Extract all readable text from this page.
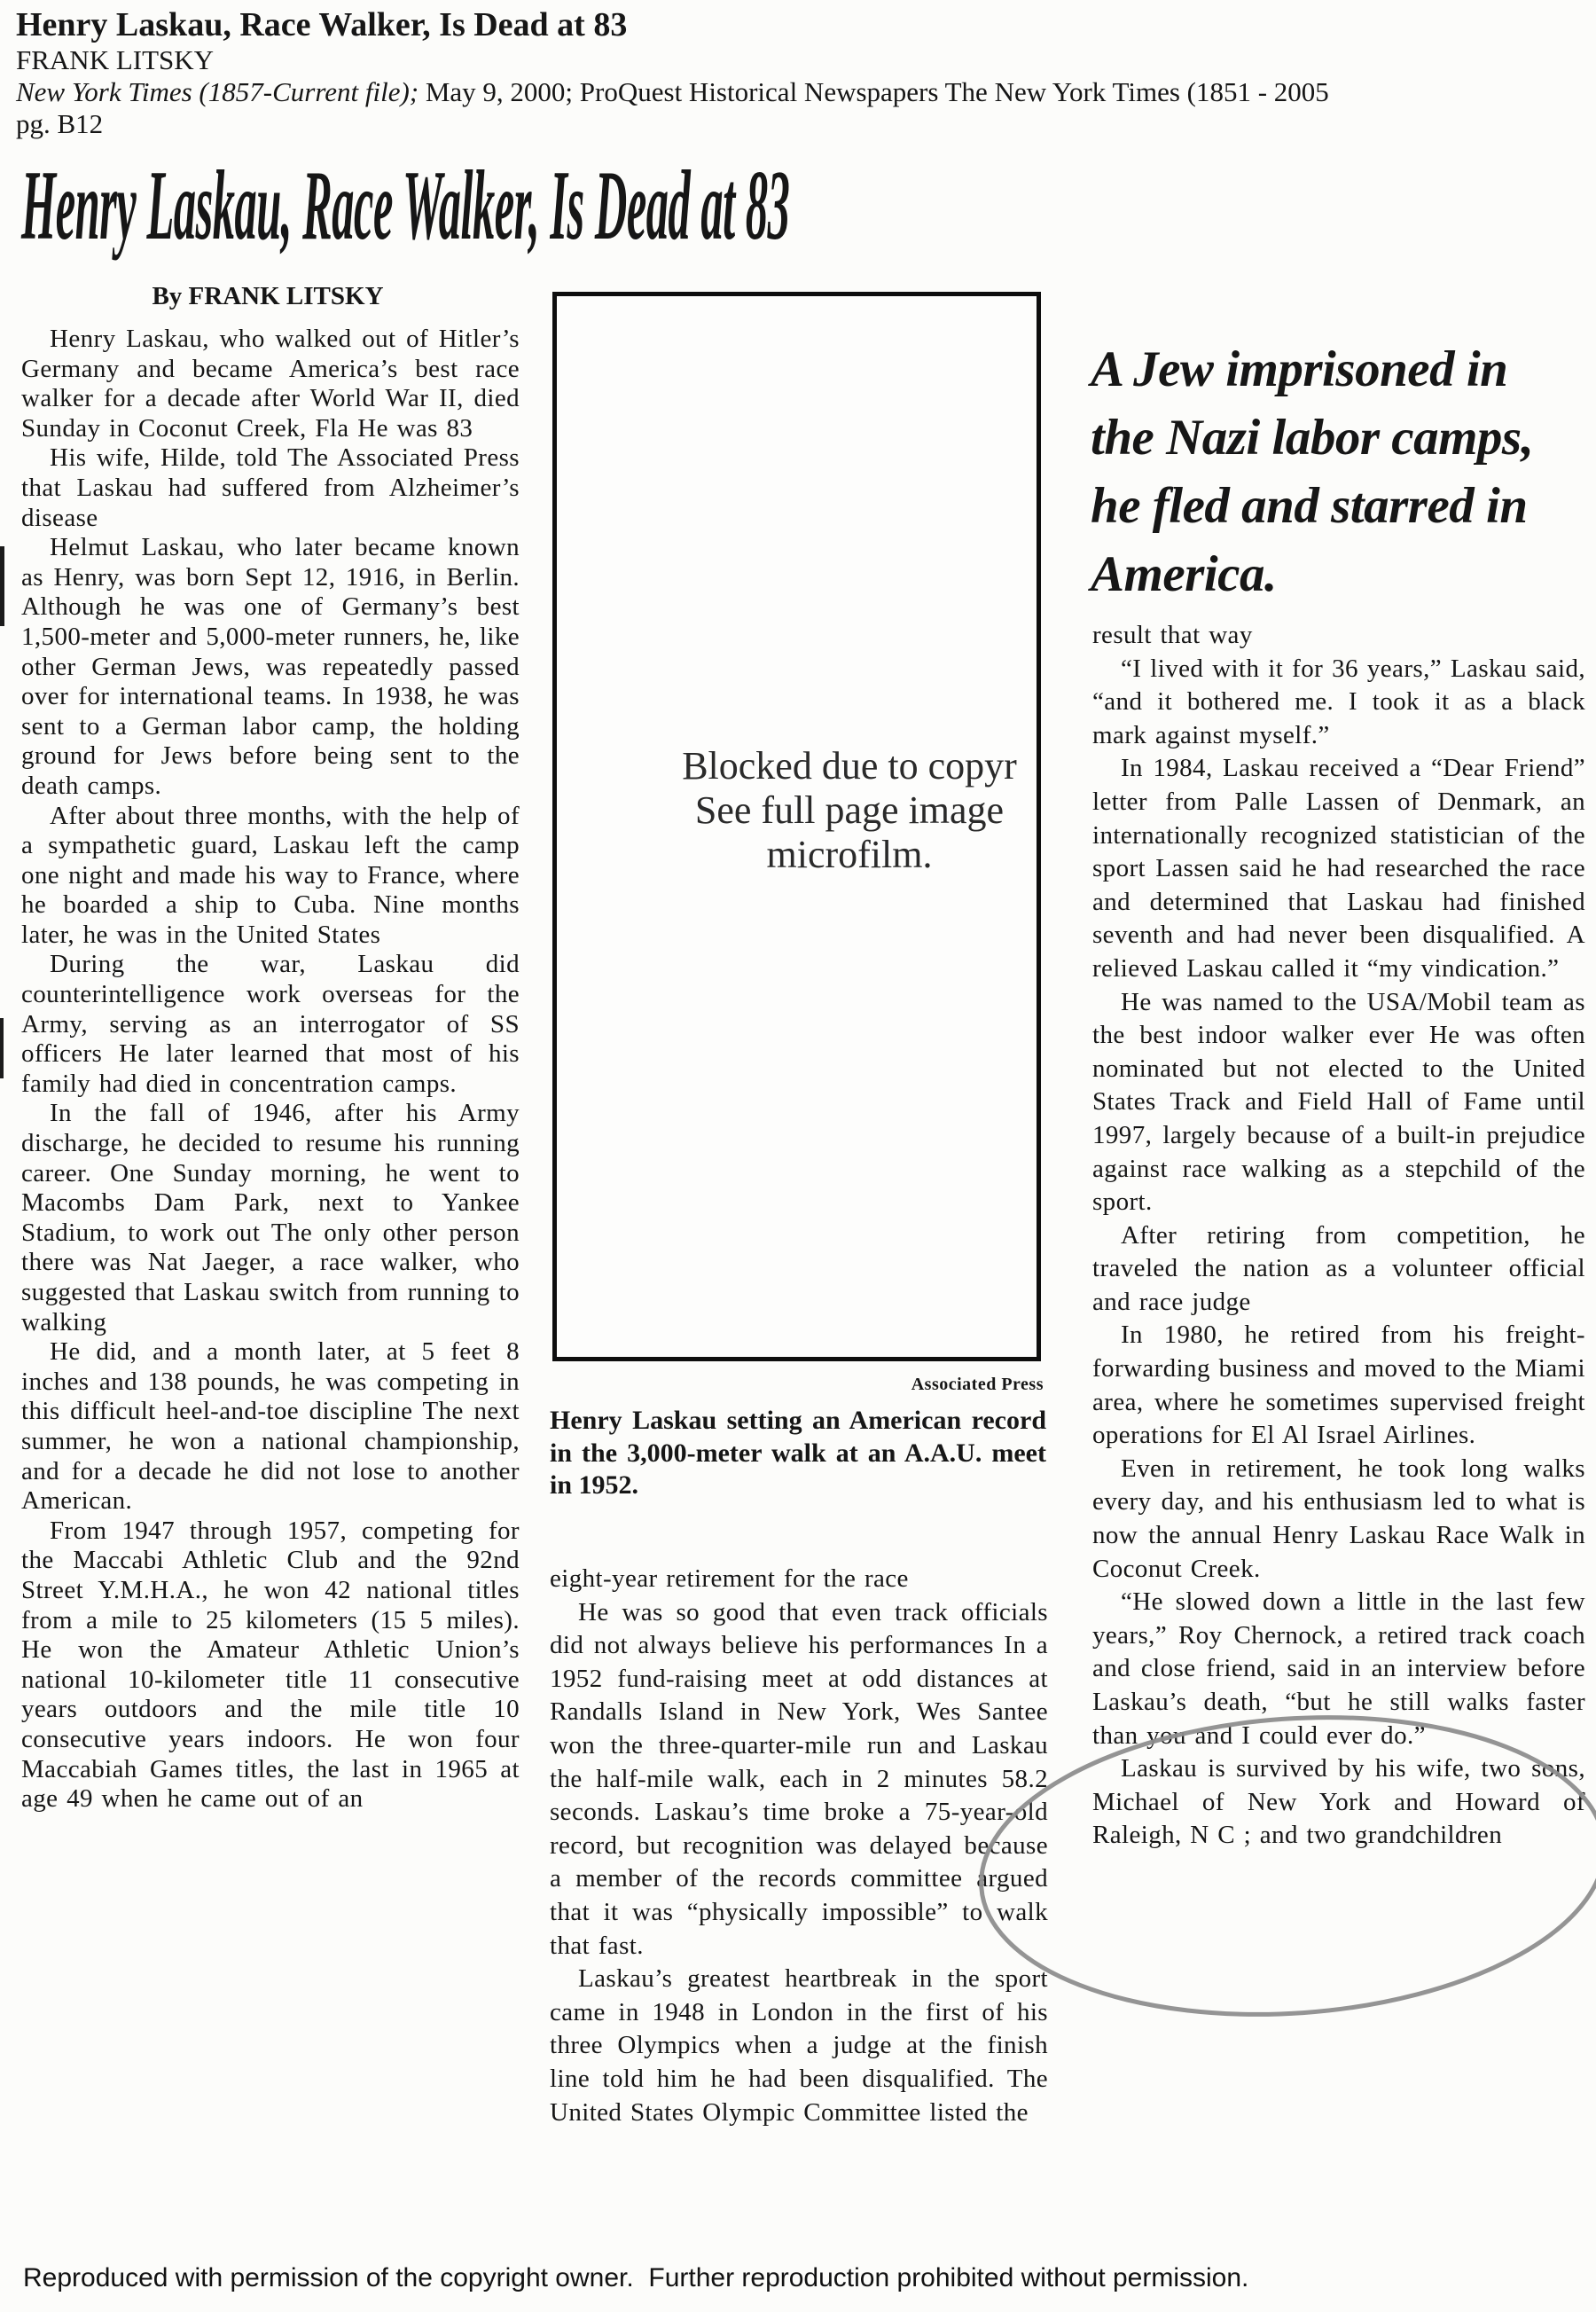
Henry Laskau, Race Walker, Is Dead at 83
FRANK LITSKY
New York Times (1857-Current file); May 9, 2000; ProQuest Historical Newspapers The New York Times (1851 - 2005
pg. B12
Henry Laskau, Race Walker, Is Dead at 83
By FRANK LITSKY

Henry Laskau, who walked out of Hitler’s Germany and became America’s best race walker for a decade after World War II, died Sunday in Coconut Creek, Fla He was 83

His wife, Hilde, told The Associated Press that Laskau had suffered from Alzheimer’s disease

Helmut Laskau, who later became known as Henry, was born Sept 12, 1916, in Berlin. Although he was one of Germany’s best 1,500-meter and 5,000-meter runners, he, like other German Jews, was repeatedly passed over for international teams. In 1938, he was sent to a German labor camp, the holding ground for Jews before being sent to the death camps.

After about three months, with the help of a sympathetic guard, Laskau left the camp one night and made his way to France, where he boarded a ship to Cuba. Nine months later, he was in the United States

During the war, Laskau did counterintelligence work overseas for the Army, serving as an interrogator of SS officers He later learned that most of his family had died in concentration camps.

In the fall of 1946, after his Army discharge, he decided to resume his running career. One Sunday morning, he went to Macombs Dam Park, next to Yankee Stadium, to work out The only other person there was Nat Jaeger, a race walker, who suggested that Laskau switch from running to walking

He did, and a month later, at 5 feet 8 inches and 138 pounds, he was competing in this difficult heel-and-toe discipline The next summer, he won a national championship, and for a decade he did not lose to another American.

From 1947 through 1957, competing for the Maccabi Athletic Club and the 92nd Street Y.M.H.A., he won 42 national titles from a mile to 25 kilometers (15 5 miles). He won the Amateur Athletic Union’s national 10-kilometer title 11 consecutive years outdoors and the mile title 10 consecutive years indoors. He won four Maccabiah Games titles, the last in 1965 at age 49 when he came out of an

Blocked due to copyr
See full page image
microfilm.
Associated Press
Henry Laskau setting an American record in the 3,000-meter walk at an A.A.U. meet in 1952.

eight-year retirement for the race

He was so good that even track officials did not always believe his performances In a 1952 fund-raising meet at odd distances at Randalls Island in New York, Wes Santee won the three-quarter-mile run and Laskau the half-mile walk, each in 2 minutes 58.2 seconds. Laskau’s time broke a 75-year-old record, but recognition was delayed because a member of the records committee argued that it was “physically impossible” to walk that fast.

Laskau’s greatest heartbreak in the sport came in 1948 in London in the first of his three Olympics when a judge at the finish line told him he had been disqualified. The United States Olympic Committee listed the

A Jew imprisoned in the Nazi labor camps, he fled and starred in America.

result that way

“I lived with it for 36 years,” Laskau said, “and it bothered me. I took it as a black mark against myself.”

In 1984, Laskau received a “Dear Friend” letter from Palle Lassen of Denmark, an internationally recognized statistician of the sport Lassen said he had researched the race and determined that Laskau had finished seventh and had never been disqualified. A relieved Laskau called it “my vindication.”

He was named to the USA/Mobil team as the best indoor walker ever He was often nominated but not elected to the United States Track and Field Hall of Fame until 1997, largely because of a built-in prejudice against race walking as a stepchild of the sport.

After retiring from competition, he traveled the nation as a volunteer official and race judge

In 1980, he retired from his freight-forwarding business and moved to the Miami area, where he sometimes supervised freight operations for El Al Israel Airlines.

Even in retirement, he took long walks every day, and his enthusiasm led to what is now the annual Henry Laskau Race Walk in Coconut Creek.

“He slowed down a little in the last few years,” Roy Chernock, a retired track coach and close friend, said in an interview before Laskau’s death, “but he still walks faster than you and I could ever do.”

Laskau is survived by his wife, two sons, Michael of New York and Howard of Raleigh, N C ; and two grandchildren

Reproduced with permission of the copyright owner.  Further reproduction prohibited without permission.
